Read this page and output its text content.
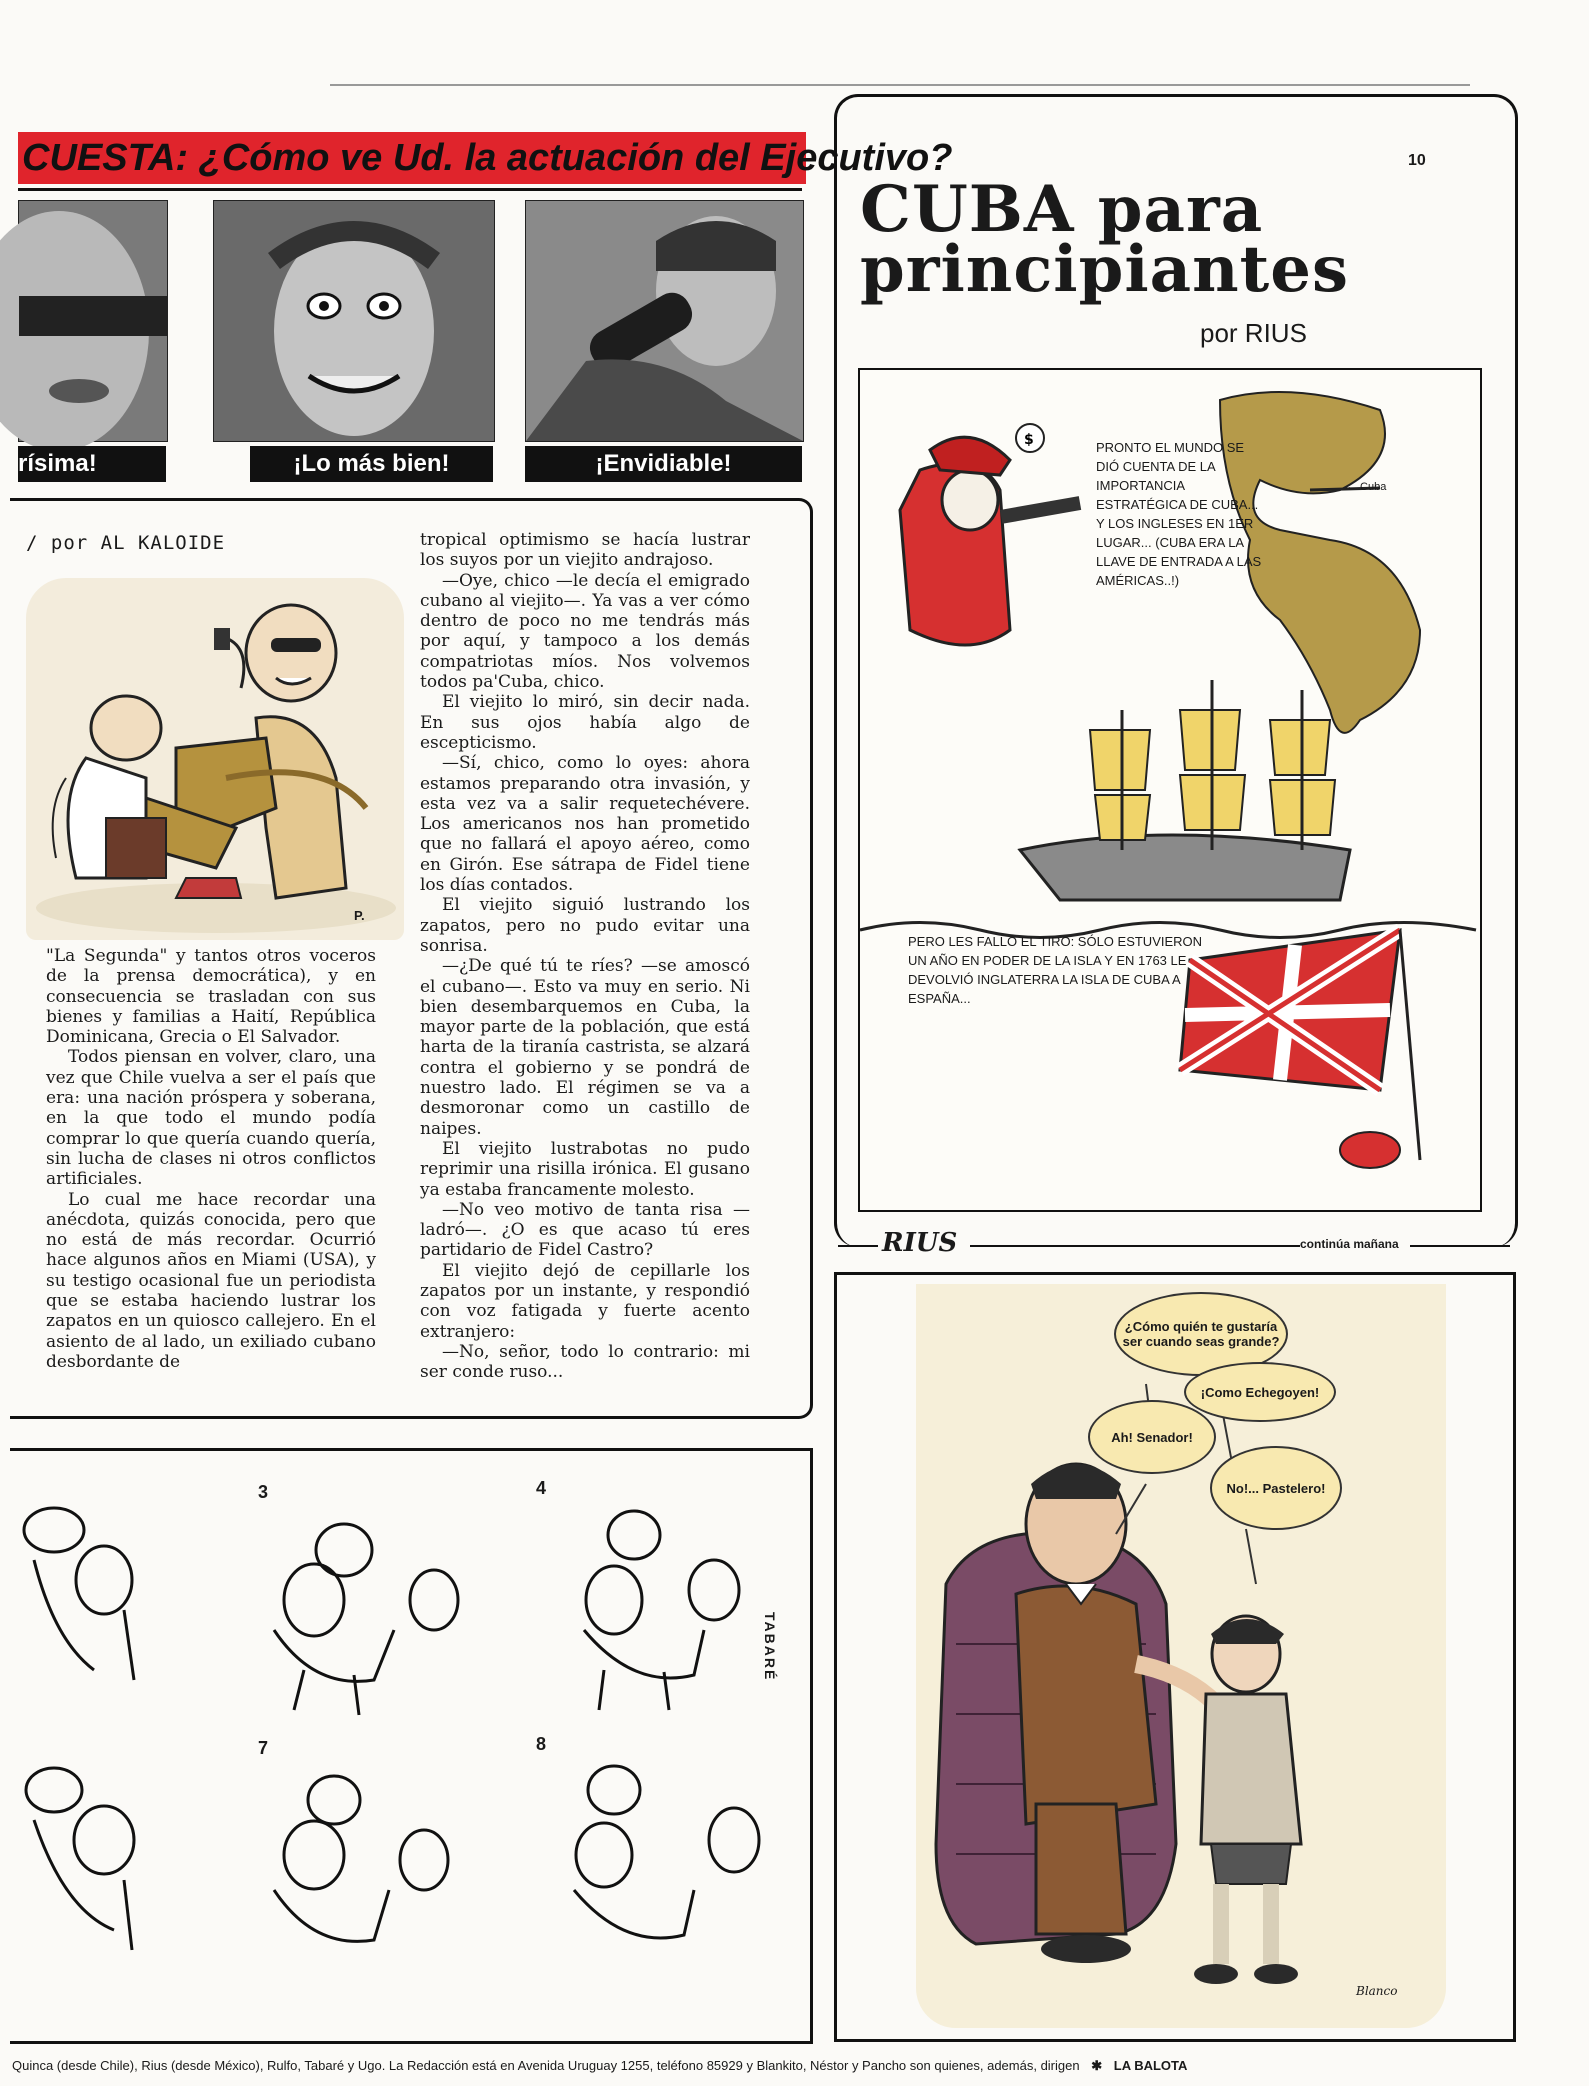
CUESTA: ¿Cómo ve Ud. la actuación del Ejecutivo?
rísima!	¡Lo más bien!	¡Envidiable!
/ por AL KALOIDE
P.

"La Segunda" y tantos otros voceros de la prensa democrática), y en consecuencia se trasladan con sus bienes y familias a Haití, República Dominicana, Grecia o El Salvador.

Todos piensan en volver, claro, una vez que Chile vuelva a ser el país que era: una nación próspera y soberana, en la que todo el mundo podía comprar lo que quería cuando quería, sin lucha de clases ni otros conflictos artificiales.

Lo cual me hace recordar una anécdota, quizás conocida, pero que no está de más recordar. Ocurrió hace algunos años en Miami (USA), y su testigo ocasional fue un periodista que se estaba haciendo lustrar los zapatos en un quiosco callejero. En el asiento de al lado, un exiliado cubano desbordante de

tropical optimismo se hacía lustrar los suyos por un viejito andrajoso.

—Oye, chico —le decía el emigrado cubano al viejito—. Ya vas a ver cómo dentro de poco no me tendrás más por aquí, y tampoco a los demás compatriotas míos. Nos volvemos todos pa'Cuba, chico.

El viejito lo miró, sin decir nada. En sus ojos había algo de escepticismo.

—Sí, chico, como lo oyes: ahora estamos preparando otra invasión, y esta vez va a salir requetechévere. Los americanos nos han prometido que no fallará el apoyo aéreo, como en Girón. Ese sátrapa de Fidel tiene los días contados.

El viejito siguió lustrando los zapatos, pero no pudo evitar una sonrisa.

—¿De qué tú te ríes? —se amoscó el cubano—. Esto va muy en serio. Ni bien desembarquemos en Cuba, la mayor parte de la población, que está harta de la tiranía castrista, se alzará contra el gobierno y se pondrá de nuestro lado. El régimen se va a desmoronar como un castillo de naipes.

El viejito lustrabotas no pudo reprimir una risilla irónica. El gusano ya estaba francamente molesto.

—No veo motivo de tanta risa —ladró—. ¿O es que acaso tú eres partidario de Fidel Castro?

El viejito dejó de cepillarle los zapatos por un instante, y respondió con voz fatigada y fuerte acento extranjero:

—No, señor, todo lo contrario: mi ser conde ruso...

3	4
7	8
TABARÉ
10
CUBA para
principiantes
por RIUS
$	PRONTO EL MUNDO SE DIÓ CUENTA DE LA IMPORTANCIA ESTRATÉGICA DE CUBA... Y LOS INGLESES EN 1ER LUGAR... (CUBA ERA LA LLAVE DE ENTRADA A LAS AMÉRICAS..!)
← Cuba
PERO LES FALLÓ EL TIRO: SÓLO ESTUVIERON UN AÑO EN PODER DE LA ISLA Y EN 1763 LE DEVOLVIÓ INGLATERRA LA ISLA DE CUBA A ESPAÑA...
RIUS	continúa mañana
Blanco
¿Cómo quién te gustaría ser cuando seas grande?
¡Como Echegoyen!
Ah! Senador!
No!... Pastelero!
Quinca (desde Chile), Rius (desde México), Rulfo, Tabaré y Ugo. La Redacción está en Avenida Uruguay 1255, teléfono 85929 y Blankito, Néstor y Pancho son quienes, además, dirigen ✱ LA BALOTA
